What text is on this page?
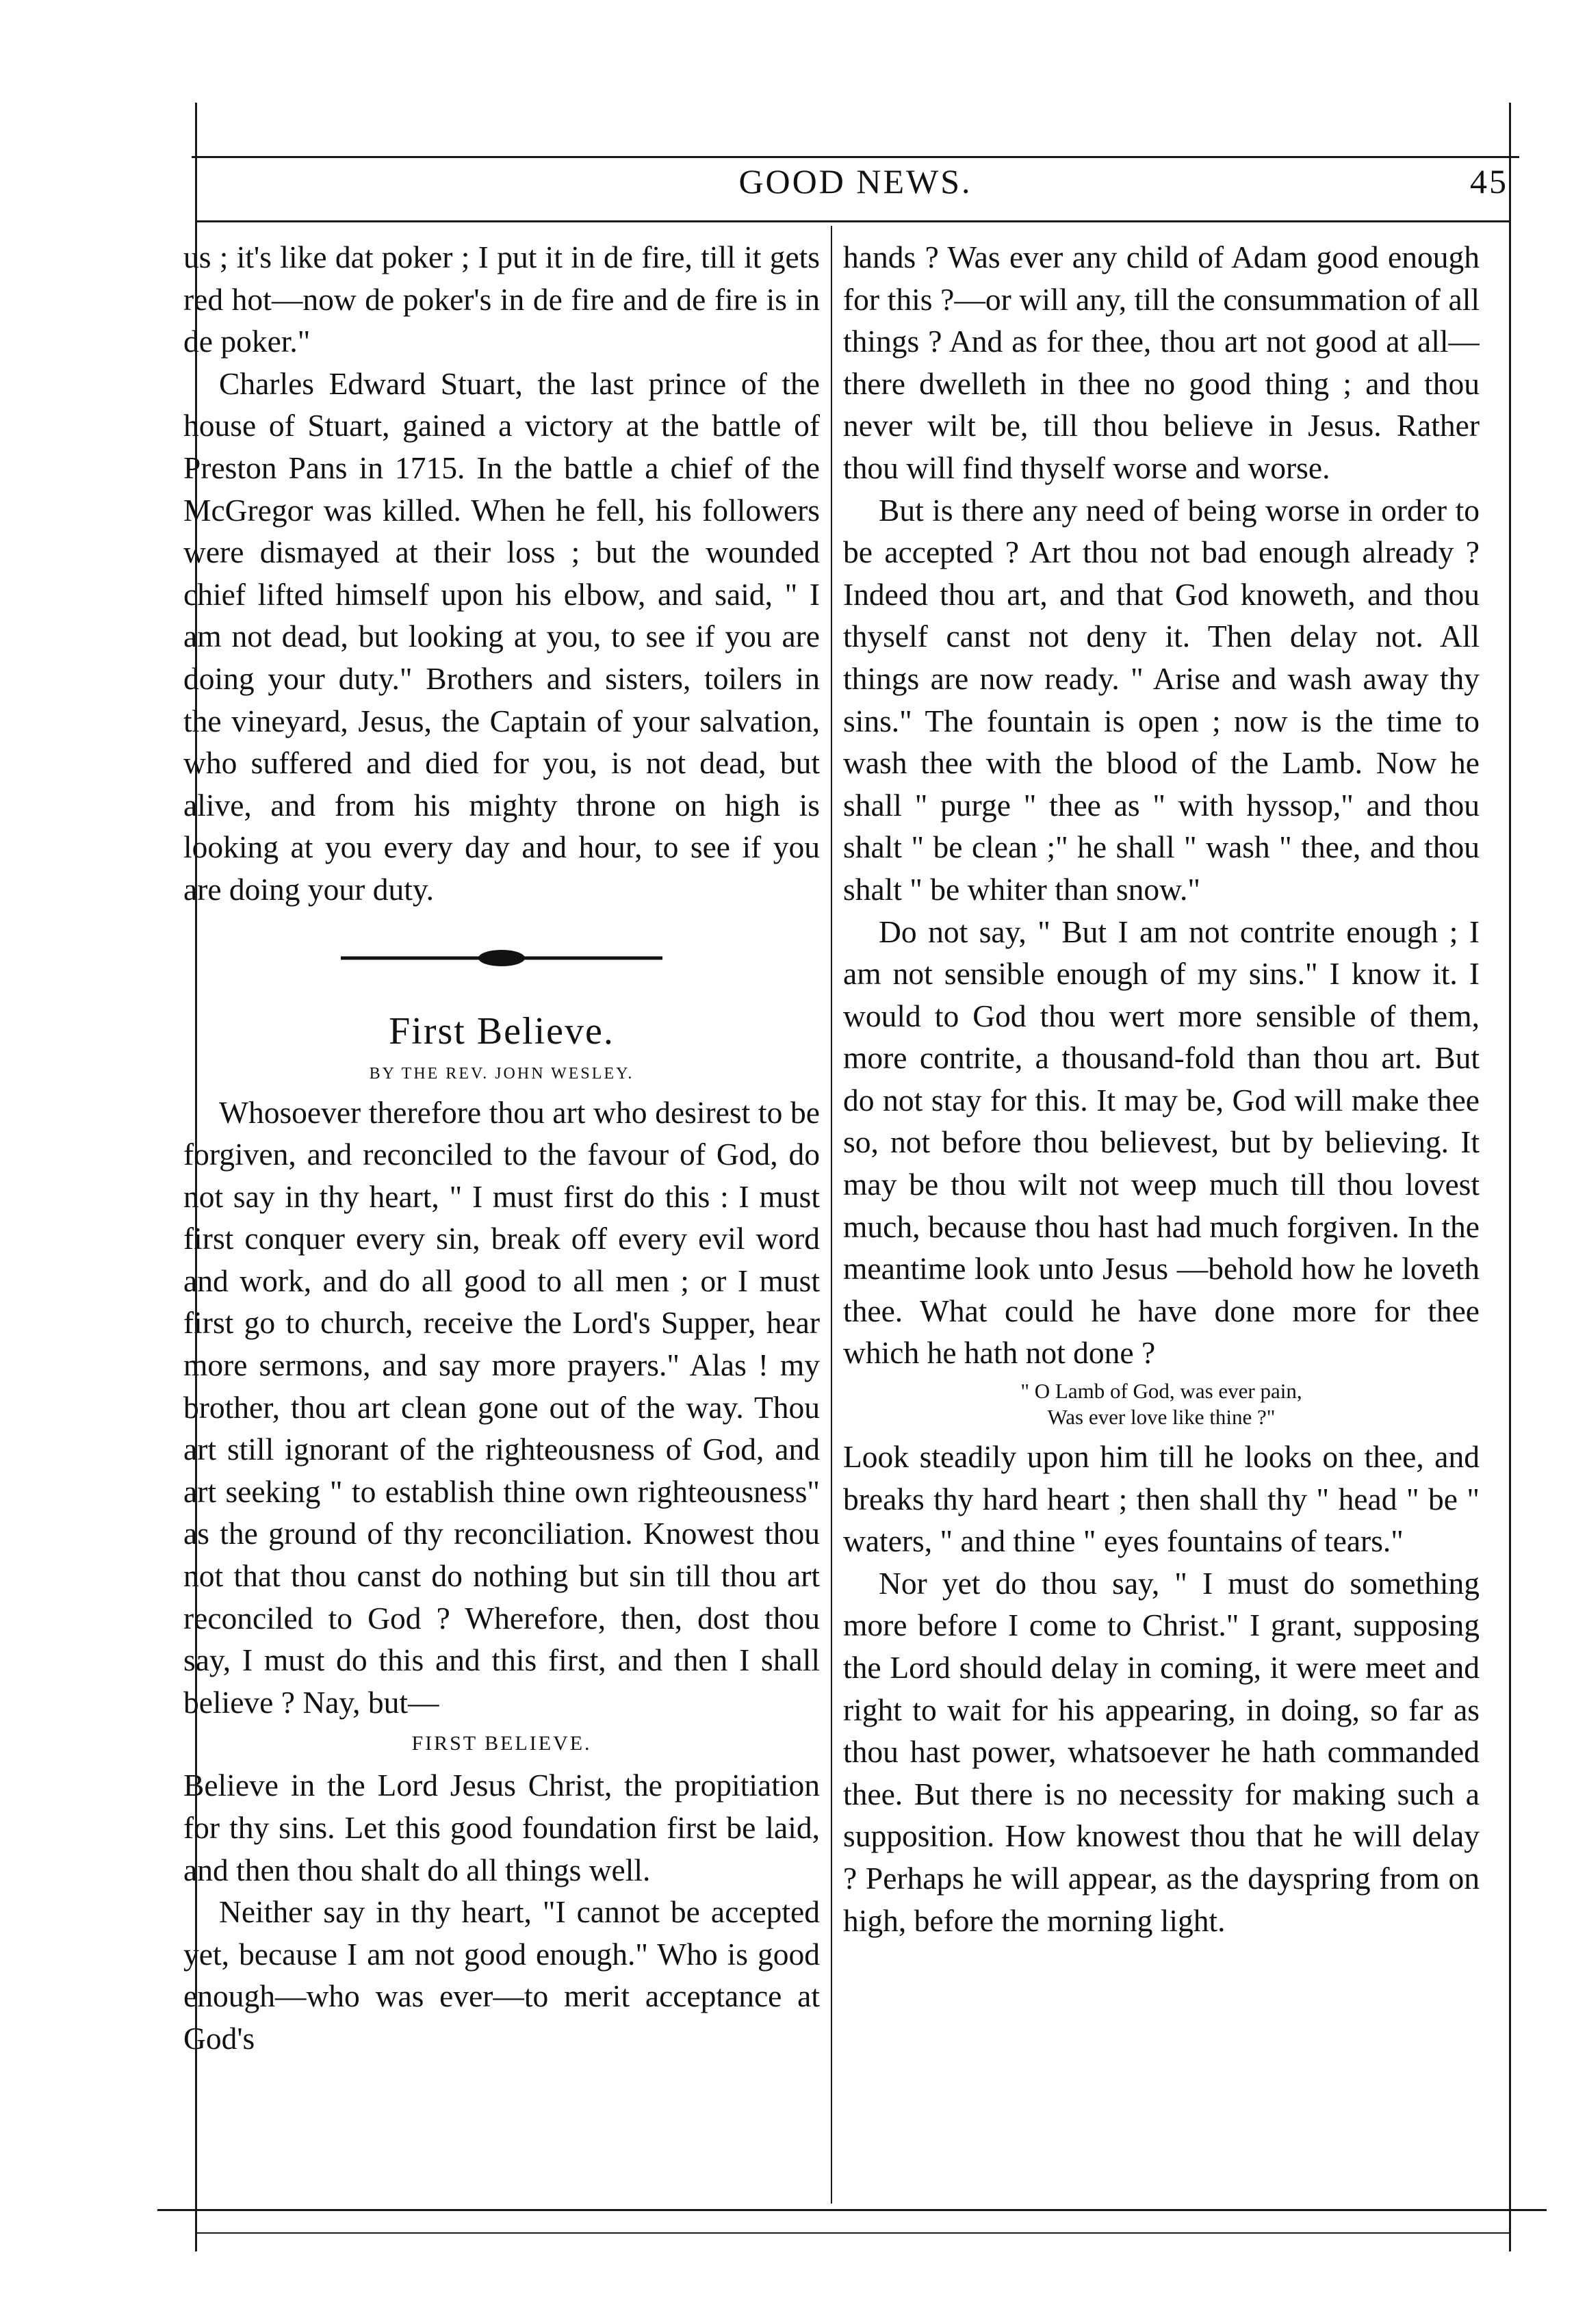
GOOD NEWS.	45

us ; it's like dat poker ; I put it in de fire, till it gets red hot—now de poker's in de fire and de fire is in de poker."

Charles Edward Stuart, the last prince of the house of Stuart, gained a victory at the battle of Preston Pans in 1715. In the battle a chief of the McGregor was killed. When he fell, his followers were dismayed at their loss ; but the wounded chief lifted himself upon his elbow, and said, " I am not dead, but looking at you, to see if you are doing your duty." Brothers and sisters, toilers in the vineyard, Jesus, the Captain of your salvation, who suffered and died for you, is not dead, but alive, and from his mighty throne on high is looking at you every day and hour, to see if you are doing your duty.

First Believe.
BY THE REV. JOHN WESLEY.

Whosoever therefore thou art who desirest to be forgiven, and reconciled to the favour of God, do not say in thy heart, " I must first do this : I must first conquer every sin, break off every evil word and work, and do all good to all men ; or I must first go to church, receive the Lord's Supper, hear more sermons, and say more prayers." Alas ! my brother, thou art clean gone out of the way. Thou art still ignorant of the righteousness of God, and art seeking " to establish thine own righteousness" as the ground of thy reconciliation. Knowest thou not that thou canst do nothing but sin till thou art reconciled to God ? Wherefore, then, dost thou say, I must do this and this first, and then I shall believe ? Nay, but—

FIRST BELIEVE.

Believe in the Lord Jesus Christ, the propitiation for thy sins. Let this good foundation first be laid, and then thou shalt do all things well.

Neither say in thy heart, "I cannot be accepted yet, because I am not good enough." Who is good enough—who was ever—to merit acceptance at God's

hands ? Was ever any child of Adam good enough for this ?—or will any, till the consummation of all things ? And as for thee, thou art not good at all—there dwelleth in thee no good thing ; and thou never wilt be, till thou believe in Jesus. Rather thou will find thyself worse and worse.

But is there any need of being worse in order to be accepted ? Art thou not bad enough already ? Indeed thou art, and that God knoweth, and thou thyself canst not deny it. Then delay not. All things are now ready. " Arise and wash away thy sins." The fountain is open ; now is the time to wash thee with the blood of the Lamb. Now he shall " purge " thee as " with hyssop," and thou shalt " be clean ;" he shall " wash " thee, and thou shalt " be whiter than snow."

Do not say, " But I am not contrite enough ; I am not sensible enough of my sins." I know it. I would to God thou wert more sensible of them, more contrite, a thousand-fold than thou art. But do not stay for this. It may be, God will make thee so, not before thou believest, but by believing. It may be thou wilt not weep much till thou lovest much, because thou hast had much forgiven. In the meantime look unto Jesus —behold how he loveth thee. What could he have done more for thee which he hath not done ?

" O Lamb of God, was ever pain,
Was ever love like thine ?"

Look steadily upon him till he looks on thee, and breaks thy hard heart ; then shall thy " head " be " waters, " and thine " eyes fountains of tears."

Nor yet do thou say, " I must do something more before I come to Christ." I grant, supposing the Lord should delay in coming, it were meet and right to wait for his appearing, in doing, so far as thou hast power, whatsoever he hath commanded thee. But there is no necessity for making such a supposition. How knowest thou that he will delay ? Perhaps he will appear, as the dayspring from on high, before the morning light.
